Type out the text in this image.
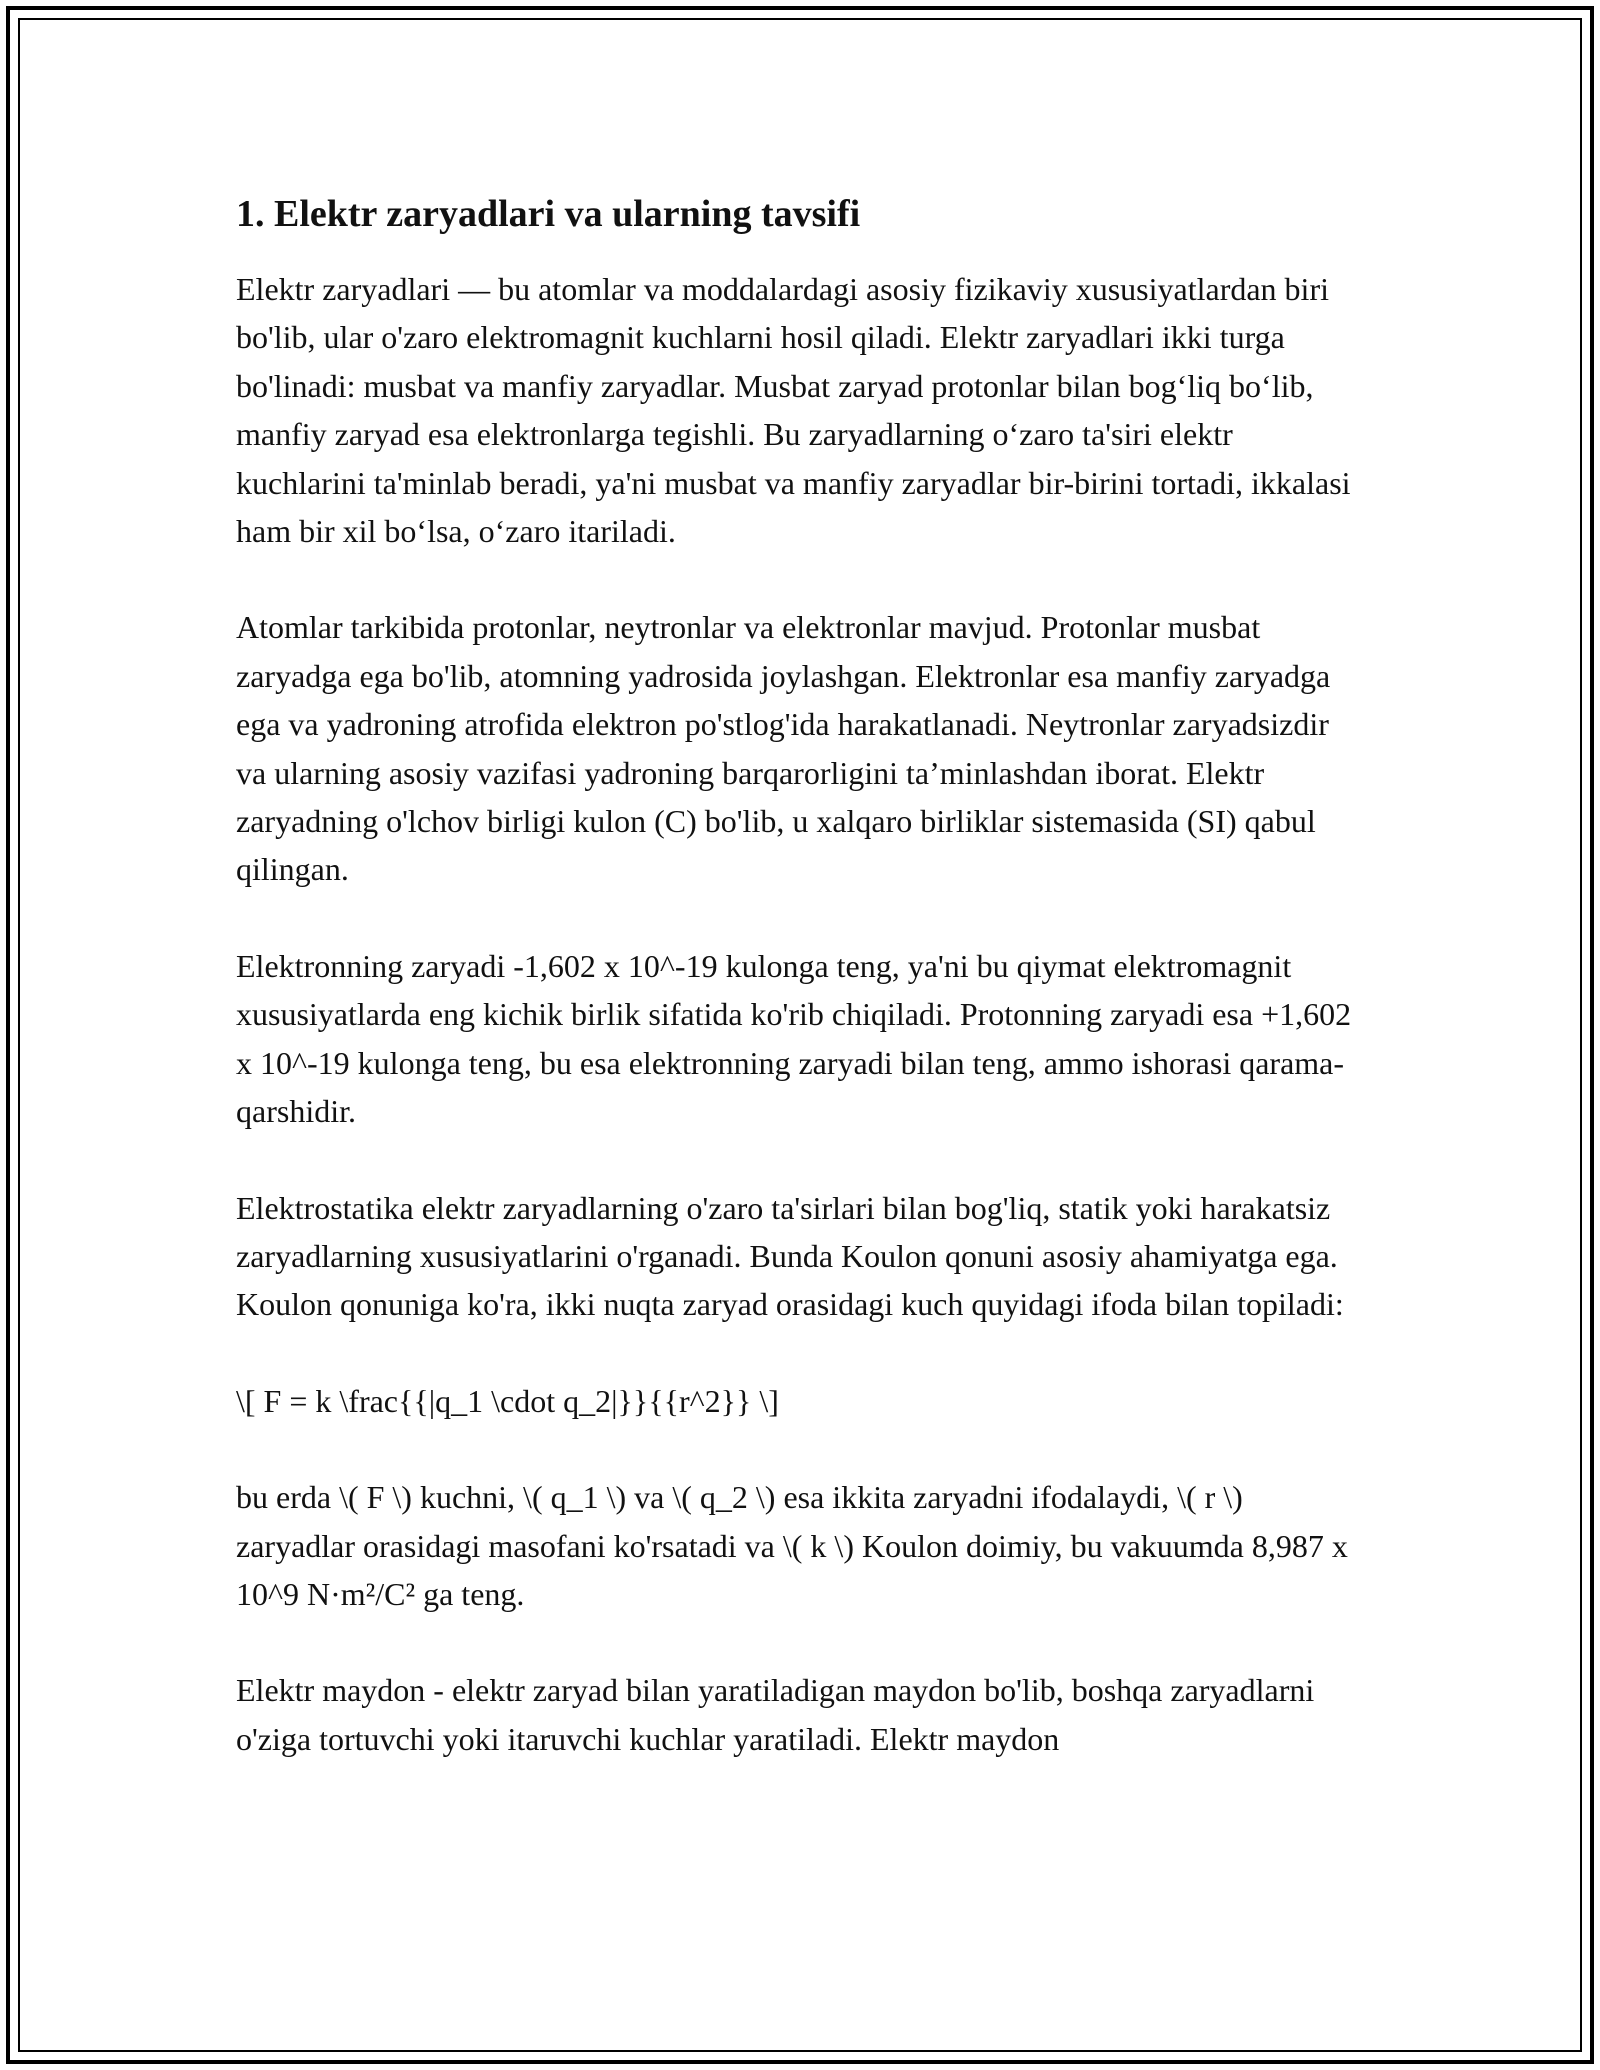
1. Elektr zaryadlari va ularning tavsifi

Elektr zaryadlari — bu atomlar va moddalardagi asosiy fizikaviy xususiyatlardan biri bo'lib, ular o'zaro elektromagnit kuchlarni hosil qiladi. Elektr zaryadlari ikki turga bo'linadi: musbat va manfiy zaryadlar. Musbat zaryad protonlar bilan bog‘liq bo‘lib, manfiy zaryad esa elektronlarga tegishli. Bu zaryadlarning o‘zaro ta'siri elektr kuchlarini ta'minlab beradi, ya'ni musbat va manfiy zaryadlar bir-birini tortadi, ikkalasi ham bir xil bo‘lsa, o‘zaro itariladi.

Atomlar tarkibida protonlar, neytronlar va elektronlar mavjud. Protonlar musbat zaryadga ega bo'lib, atomning yadrosida joylashgan. Elektronlar esa manfiy zaryadga ega va yadroning atrofida elektron po'stlog'ida harakatlanadi. Neytronlar zaryadsizdir va ularning asosiy vazifasi yadroning barqarorligini ta’minlashdan iborat. Elektr zaryadning o'lchov birligi kulon (C) bo'lib, u xalqaro birliklar sistemasida (SI) qabul qilingan.

Elektronning zaryadi -1,602 x 10^-19 kulonga teng, ya'ni bu qiymat elektromagnit xususiyatlarda eng kichik birlik sifatida ko'rib chiqiladi. Protonning zaryadi esa +1,602 x 10^-19 kulonga teng, bu esa elektronning zaryadi bilan teng, ammo ishorasi qarama-qarshidir.

Elektrostatika elektr zaryadlarning o'zaro ta'sirlari bilan bog'liq, statik yoki harakatsiz zaryadlarning xususiyatlarini o'rganadi. Bunda Koulon qonuni asosiy ahamiyatga ega. Koulon qonuniga ko'ra, ikki nuqta zaryad orasidagi kuch quyidagi ifoda bilan topiladi:

\[ F = k \frac{{|q_1 \cdot q_2|}}{{r^2}} \]

bu erda \( F \) kuchni, \( q_1 \) va \( q_2 \) esa ikkita zaryadni ifodalaydi, \( r \) zaryadlar orasidagi masofani ko'rsatadi va \( k \) Koulon doimiy, bu vakuumda 8,987 x 10^9 N·m²/C² ga teng.

Elektr maydon - elektr zaryad bilan yaratiladigan maydon bo'lib, boshqa zaryadlarni o'ziga tortuvchi yoki itaruvchi kuchlar yaratiladi. Elektr maydon
